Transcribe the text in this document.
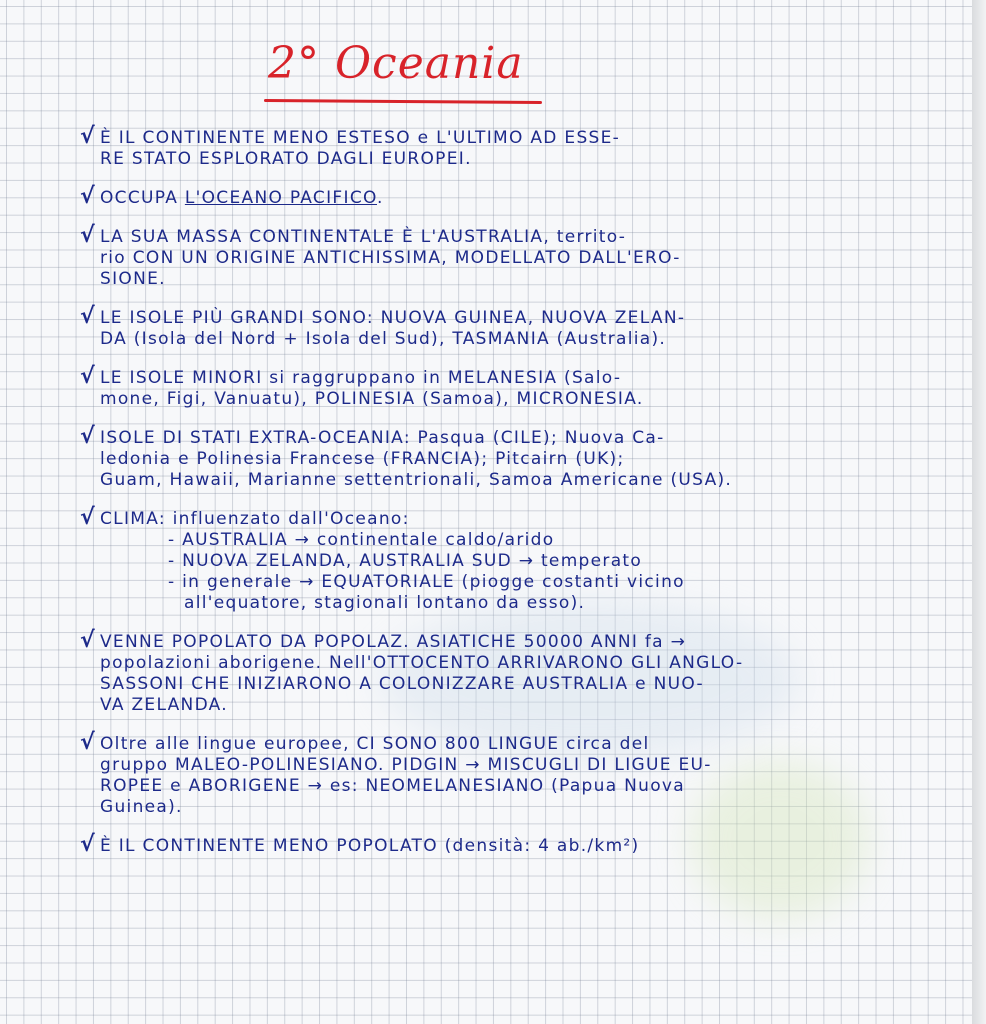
2° Oceania
√ È IL CONTINENTE MENO ESTESO e L'ULTIMO AD ESSE-
RE STATO ESPLORATO DAGLI EUROPEI.
√ OCCUPA L'OCEANO PACIFICO.
√ LA SUA MASSA CONTINENTALE È L'AUSTRALIA, territo-
rio CON UN ORIGINE ANTICHISSIMA, MODELLATO DALL'ERO-
SIONE.
√ LE ISOLE PIÙ GRANDI SONO: NUOVA GUINEA, NUOVA ZELAN-
DA (Isola del Nord + Isola del Sud), TASMANIA (Australia).
√ LE ISOLE MINORI si raggruppano in MELANESIA (Salo-
mone, Figi, Vanuatu), POLINESIA (Samoa), MICRONESIA.
√ ISOLE DI STATI EXTRA-OCEANIA: Pasqua (CILE); Nuova Ca-
ledonia e Polinesia Francese (FRANCIA); Pitcairn (UK);
Guam, Hawaii, Marianne settentrionali, Samoa Americane (USA).
√ CLIMA: influenzato dall'Oceano:
- AUSTRALIA → continentale caldo/arido
- NUOVA ZELANDA, AUSTRALIA SUD → temperato
- in generale → EQUATORIALE (piogge costanti vicino
all'equatore, stagionali lontano da esso).
√ VENNE POPOLATO DA POPOLAZ. ASIATICHE 50000 ANNI fa →
popolazioni aborigene. Nell'OTTOCENTO ARRIVARONO GLI ANGLO-
SASSONI CHE INIZIARONO A COLONIZZARE AUSTRALIA e NUO-
VA ZELANDA.
√ Oltre alle lingue europee, CI SONO 800 LINGUE circa del
gruppo MALEO-POLINESIANO. PIDGIN → MISCUGLI DI LIGUE EU-
ROPEE e ABORIGENE → es: NEOMELANESIANO (Papua Nuova
Guinea).
√ È IL CONTINENTE MENO POPOLATO (densità: 4 ab./km²)
